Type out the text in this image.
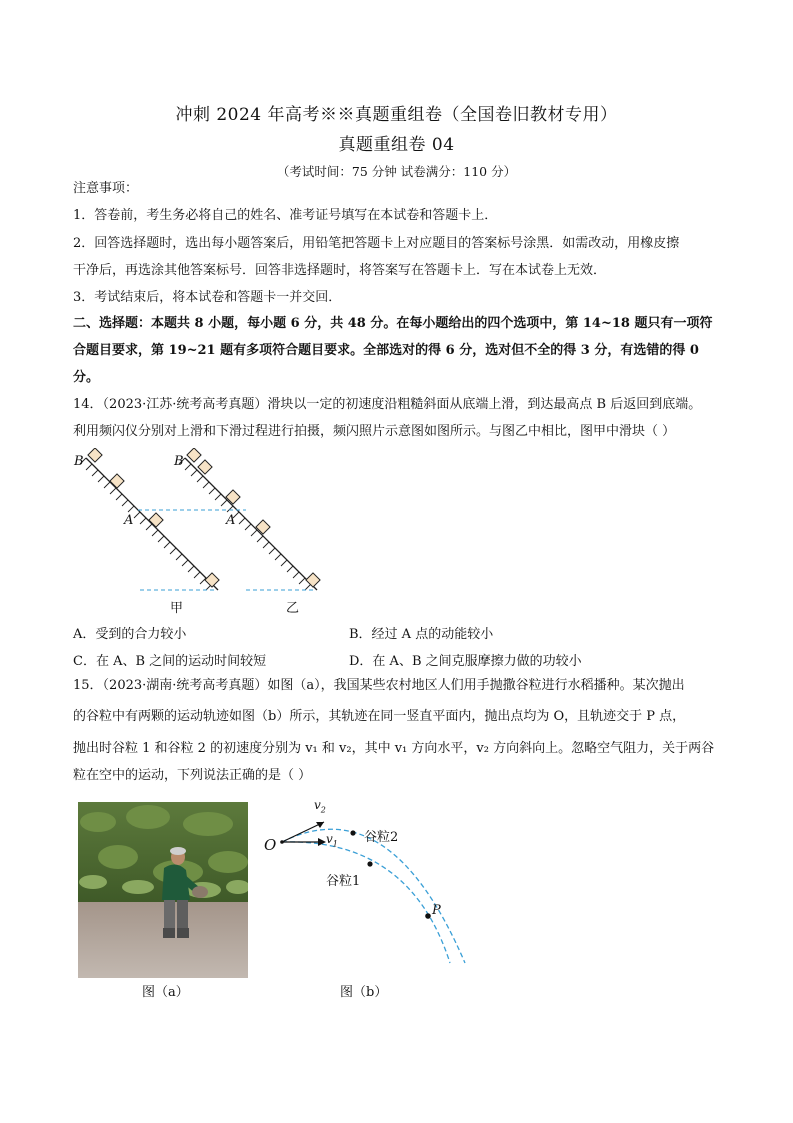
冲刺 2024 年高考※※真题重组卷（全国卷旧教材专用）
真题重组卷 04
（考试时间：75 分钟 试卷满分：110 分）
注意事项：
1．答卷前，考生务必将自己的姓名、准考证号填写在本试卷和答题卡上．
2．回答选择题时，选出每小题答案后，用铅笔把答题卡上对应题目的答案标号涂黑．如需改动，用橡皮擦
干净后，再选涂其他答案标号．回答非选择题时，将答案写在答题卡上．写在本试卷上无效．
3．考试结束后，将本试卷和答题卡一并交回．
二、选择题：本题共 8 小题，每小题 6 分，共 48 分。在每小题给出的四个选项中，第 14~18 题只有一项符
合题目要求，第 19~21 题有多项符合题目要求。全部选对的得 6 分，选对但不全的得 3 分，有选错的得 0
分。
14．（2023·江苏·统考高考真题）滑块以一定的初速度沿粗糙斜面从底端上滑，到达最高点 B 后返回到底端。
利用频闪仪分别对上滑和下滑过程进行拍摄，频闪照片示意图如图所示。与图乙中相比，图甲中滑块（ ）
B	B
A	A
甲	乙
A．受到的合力较小	B．经过 A 点的动能较小
C．在 A、B 之间的运动时间较短	D．在 A、B 之间克服摩擦力做的功较小
15．（2023·湖南·统考高考真题）如图（a），我国某些农村地区人们用手抛撒谷粒进行水稻播种。某次抛出
的谷粒中有两颗的运动轨迹如图（b）所示，其轨迹在同一竖直平面内，抛出点均为 O，且轨迹交于 P 点，
抛出时谷粒 1 和谷粒 2 的初速度分别为 v₁ 和 v₂，其中 v₁ 方向水平，v₂ 方向斜向上。忽略空气阻力，关于两谷
粒在空中的运动，下列说法正确的是（ ）
图（a）
O
P
$v_2$
$v_1$ 谷粒2
谷粒1
图（b）
